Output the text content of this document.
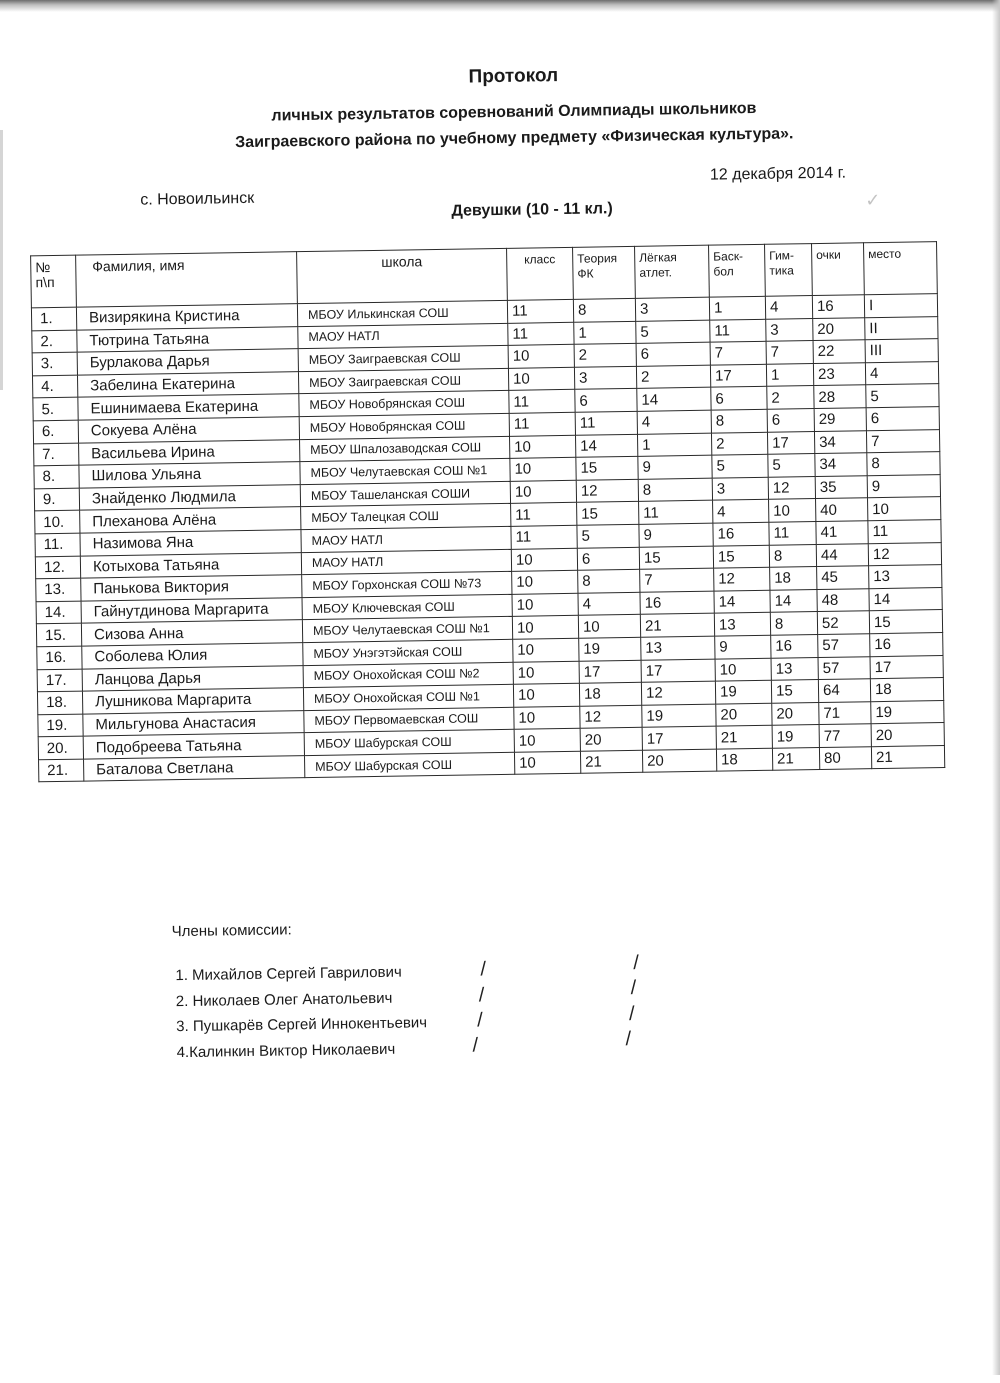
Протокол
личных результатов соревнований Олимпиады школьников
Заиграевского района по учебному предмету «Физическая культура».
с. Новоильинск
12 декабря 2014 г.
Девушки (10 - 11 кл.)	✓
№ п\п	Фамилия, имя	школа	класс	Теория ФК	Лёгкая атлет.	Баск-бол	Гим-тика	очки	место
1.	Визирякина Кристина	МБОУ Илькинская СОШ	11	8	3	1	4	16	I
2.	Тютрина Татьяна	МАОУ НАТЛ	11	1	5	11	3	20	II
3.	Бурлакова Дарья	МБОУ Заиграевская СОШ	10	2	6	7	7	22	III
4.	Забелина Екатерина	МБОУ Заиграевская СОШ	10	3	2	17	1	23	4
5.	Ешинимаева Екатерина	МБОУ Новобрянская СОШ	11	6	14	6	2	28	5
6.	Сокуева Алёна	МБОУ Новобрянская СОШ	11	11	4	8	6	29	6
7.	Васильева Ирина	МБОУ Шпалозаводская СОШ	10	14	1	2	17	34	7
8.	Шилова Ульяна	МБОУ Челутаевская СОШ №1	10	15	9	5	5	34	8
9.	Знайденко Людмила	МБОУ Ташеланская СОШИ	10	12	8	3	12	35	9
10.	Плеханова Алёна	МБОУ Талецкая СОШ	11	15	11	4	10	40	10
11.	Назимова Яна	МАОУ НАТЛ	11	5	9	16	11	41	11
12.	Котыхова Татьяна	МАОУ НАТЛ	10	6	15	15	8	44	12
13.	Панькова Виктория	МБОУ Горхонская СОШ №73	10	8	7	12	18	45	13
14.	Гайнутдинова Маргарита	МБОУ Ключевская СОШ	10	4	16	14	14	48	14
15.	Сизова Анна	МБОУ Челутаевская СОШ №1	10	10	21	13	8	52	15
16.	Соболева Юлия	МБОУ Унэгэтэйская СОШ	10	19	13	9	16	57	16
17.	Ланцова Дарья	МБОУ Онохойская СОШ №2	10	17	17	10	13	57	17
18.	Лушникова Маргарита	МБОУ Онохойская СОШ №1	10	18	12	19	15	64	18
19.	Мильгунова Анастасия	МБОУ Первомаевская СОШ	10	12	19	20	20	71	19
20.	Подобреева Татьяна	МБОУ Шабурская СОШ	10	20	17	21	19	77	20
21.	Баталова Светлана	МБОУ Шабурская СОШ	10	21	20	18	21	80	21
Члены комиссии:
1. Михайлов Сергей Гаврилович
2. Николаев Олег Анатольевич
3. Пушкарёв Сергей Иннокентьевич
4.Калинкин Виктор Николаевич
/	/
/	/
/	/
/	/
